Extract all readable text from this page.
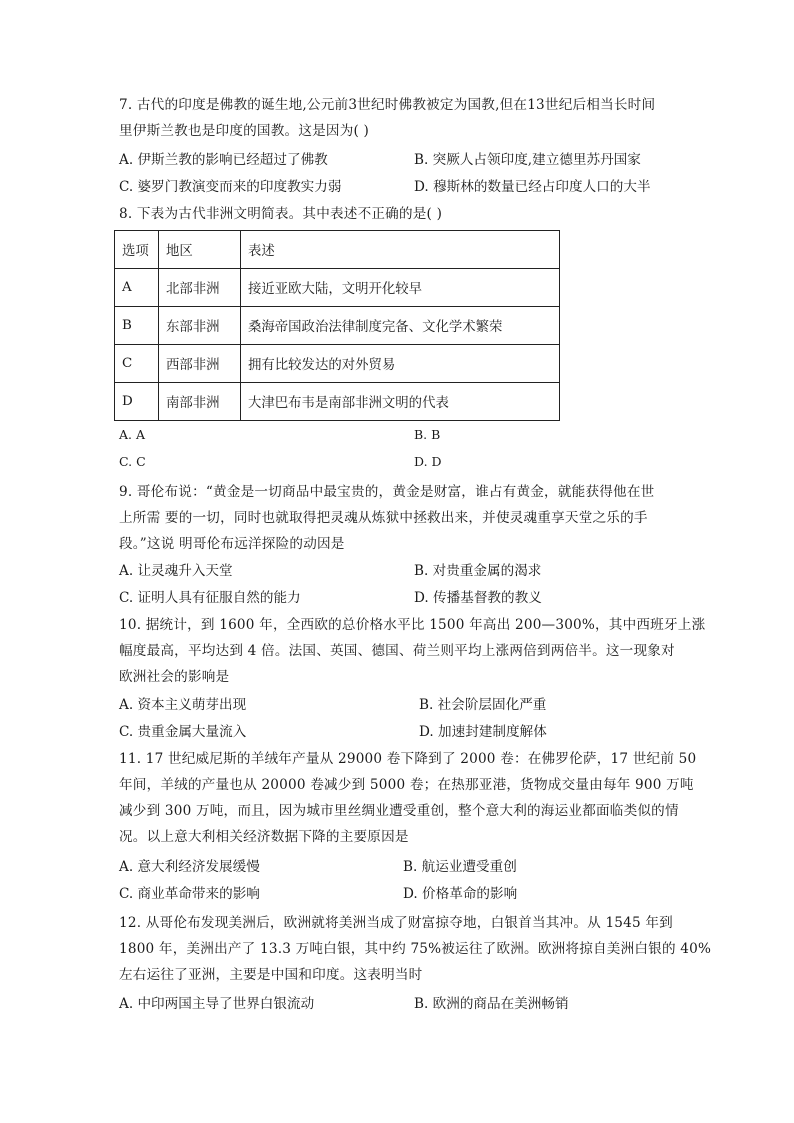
7. 古代的印度是佛教的诞生地,公元前3世纪时佛教被定为国教,但在13世纪后相当长时间
里伊斯兰教也是印度的国教。这是因为( )
A. 伊斯兰教的影响已经超过了佛教	B. 突厥人占领印度,建立德里苏丹国家
C. 婆罗门教演变而来的印度教实力弱	D. 穆斯林的数量已经占印度人口的大半
8. 下表为古代非洲文明简表。其中表述不正确的是( )
选项	地区	表述
A	北部非洲	接近亚欧大陆，文明开化较早
B	东部非洲	桑海帝国政治法律制度完备、文化学术繁荣
C	西部非洲	拥有比较发达的对外贸易
D	南部非洲	大津巴布韦是南部非洲文明的代表
A. A	B. B
C. C	D. D
9. 哥伦布说：“黄金是一切商品中最宝贵的，黄金是财富，谁占有黄金，就能获得他在世
上所需 要的一切，同时也就取得把灵魂从炼狱中拯救出来，并使灵魂重享天堂之乐的手
段。”这说 明哥伦布远洋探险的动因是
A. 让灵魂升入天堂	B. 对贵重金属的渴求
C. 证明人具有征服自然的能力	D. 传播基督教的教义
10. 据统计，到 1600 年，全西欧的总价格水平比 1500 年高出 200—300%，其中西班牙上涨
幅度最高，平均达到 4 倍。法国、英国、德国、荷兰则平均上涨两倍到两倍半。这一现象对
欧洲社会的影响是
A. 资本主义萌芽出现	B. 社会阶层固化严重
C. 贵重金属大量流入	D. 加速封建制度解体
11. 17 世纪威尼斯的羊绒年产量从 29000 卷下降到了 2000 卷：在佛罗伦萨，17 世纪前 50
年间，羊绒的产量也从 20000 卷减少到 5000 卷；在热那亚港，货物成交量由每年 900 万吨
减少到 300 万吨，而且，因为城市里丝绸业遭受重创，整个意大利的海运业都面临类似的情
况。以上意大利相关经济数据下降的主要原因是
A. 意大利经济发展缓慢	B. 航运业遭受重创
C. 商业革命带来的影响	D. 价格革命的影响
12. 从哥伦布发现美洲后，欧洲就将美洲当成了财富掠夺地，白银首当其冲。从 1545 年到
1800 年，美洲出产了 13.3 万吨白银，其中约 75%被运往了欧洲。欧洲将掠自美洲白银的 40%
左右运往了亚洲，主要是中国和印度。这表明当时
A. 中印两国主导了世界白银流动	B. 欧洲的商品在美洲畅销
